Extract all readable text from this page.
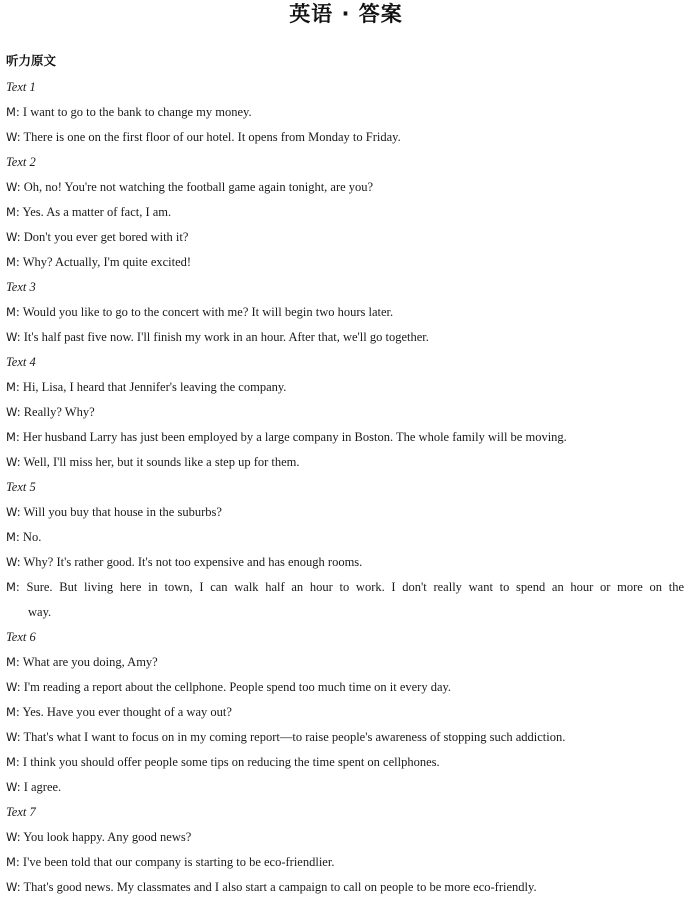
英语 · 答案
听力原文
Text 1
M: I want to go to the bank to change my money.
W: There is one on the first floor of our hotel. It opens from Monday to Friday.
Text 2
W: Oh, no! You're not watching the football game again tonight, are you?
M: Yes. As a matter of fact, I am.
W: Don't you ever get bored with it?
M: Why? Actually, I'm quite excited!
Text 3
M: Would you like to go to the concert with me? It will begin two hours later.
W: It's half past five now. I'll finish my work in an hour. After that, we'll go together.
Text 4
M: Hi, Lisa, I heard that Jennifer's leaving the company.
W: Really? Why?
M: Her husband Larry has just been employed by a large company in Boston. The whole family will be moving.
W: Well, I'll miss her, but it sounds like a step up for them.
Text 5
W: Will you buy that house in the suburbs?
M: No.
W: Why? It's rather good. It's not too expensive and has enough rooms.
M: Sure. But living here in town, I can walk half an hour to work. I don't really want to spend an hour or more on the
way.
Text 6
M: What are you doing, Amy?
W: I'm reading a report about the cellphone. People spend too much time on it every day.
M: Yes. Have you ever thought of a way out?
W: That's what I want to focus on in my coming report—to raise people's awareness of stopping such addiction.
M: I think you should offer people some tips on reducing the time spent on cellphones.
W: I agree.
Text 7
W: You look happy. Any good news?
M: I've been told that our company is starting to be eco-friendlier.
W: That's good news. My classmates and I also start a campaign to call on people to be more eco-friendly.
